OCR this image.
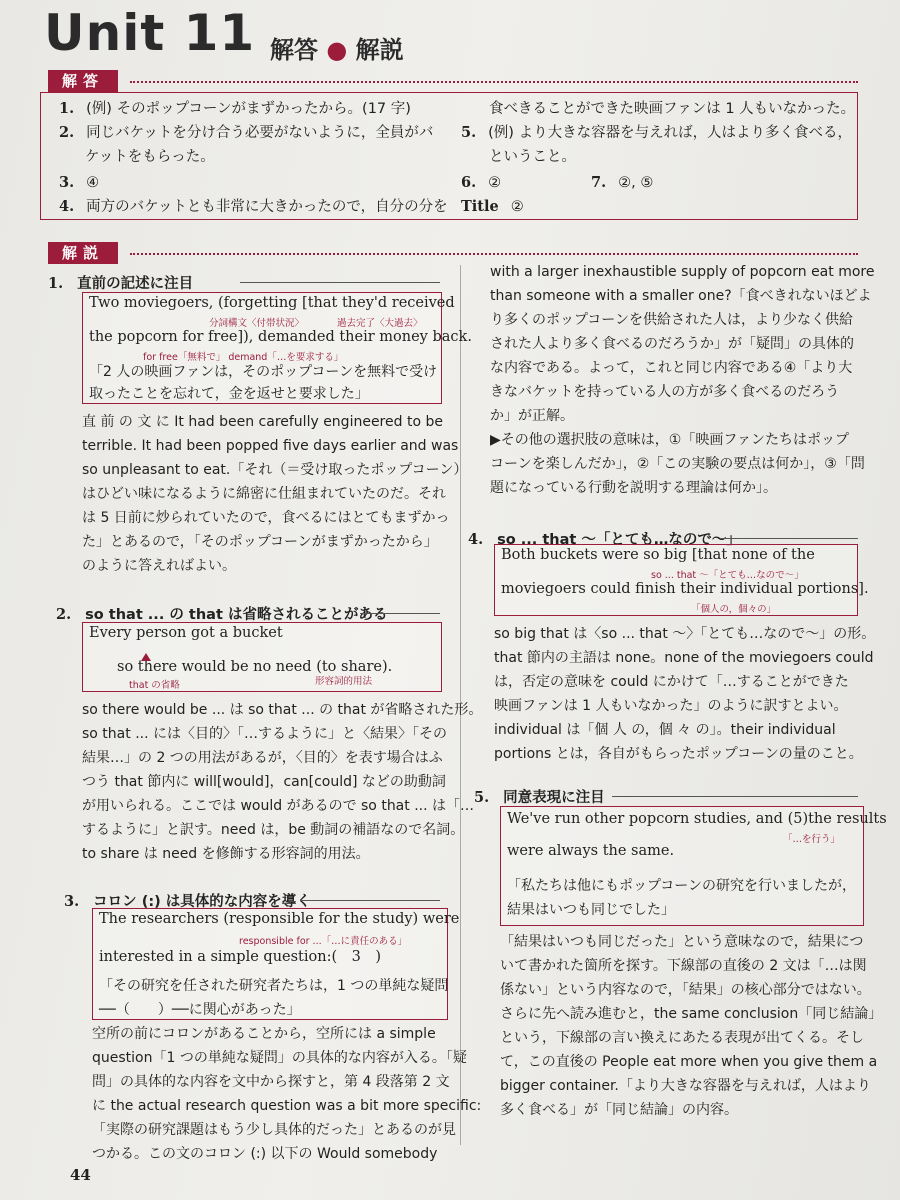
Unit 11 解答 ● 解説
解答
1. (例) そのポップコーンがまずかったから。(17 字)
2. 同じバケットを分け合う必要がないように，全員がバ
ケットをもらった。
3. ④
4. 両方のバケットとも非常に大きかったので，自分の分を
食べきることができた映画ファンは 1 人もいなかった。
5. (例) より大きな容器を与えれば，人はより多く食べる，
ということ。
6. ②	7. ②, ⑤
Title ②
解説
1. 直前の記述に注目
Two moviegoers, (forgetting [that they'd received
分詞構文〈付帯状況〉	過去完了〈大過去〉
the popcorn for free]), demanded their money back.
for free「無料で」 demand「…を要求する」
「2 人の映画ファンは，そのポップコーンを無料で受け
取ったことを忘れて，金を返せと要求した」
直 前 の 文 に It had been carefully engineered to be
terrible. It had been popped five days earlier and was
so unpleasant to eat.「それ（＝受け取ったポップコーン）
はひどい味になるように綿密に仕組まれていたのだ。それ
は 5 日前に炒られていたので，食べるにはとてもまずかっ
た」とあるので，「そのポップコーンがまずかったから」
のように答えればよい。
2. so that ... の that は省略されることがある
Every person got a bucket
so there would be no need (to share).
that の省略	形容詞的用法
so there would be ... は so that ... の that が省略された形。
so that ... には〈目的〉「…するように」と〈結果〉「その
結果…」の 2 つの用法があるが，〈目的〉を表す場合はふ
つう that 節内に will[would]，can[could] などの助動詞
が用いられる。ここでは would があるので so that ... は「…
するように」と訳す。need は，be 動詞の補語なので名詞。
to share は need を修飾する形容詞的用法。
3. コロン (:) は具体的な内容を導く
The researchers (responsible for the study) were
responsible for ...「…に責任のある」
interested in a simple question:(　3　)
「その研究を任された研究者たちは，1 つの単純な疑問
──（　　）──に関心があった」
空所の前にコロンがあることから，空所には a simple
question「1 つの単純な疑問」の具体的な内容が入る。「疑
問」の具体的な内容を文中から探すと，第 4 段落第 2 文
に the actual research question was a bit more specific:
「実際の研究課題はもう少し具体的だった」とあるのが見
つかる。この文のコロン (:) 以下の Would somebody
with a larger inexhaustible supply of popcorn eat more
than someone with a smaller one?「食べきれないほどよ
り多くのポップコーンを供給された人は，より少なく供給
された人より多く食べるのだろうか」が「疑問」の具体的
な内容である。よって，これと同じ内容である④「より大
きなバケットを持っている人の方が多く食べるのだろう
か」が正解。
▶その他の選択肢の意味は，①「映画ファンたちはポップ
コーンを楽しんだか」，②「この実験の要点は何か」，③「問
題になっている行動を説明する理論は何か」。
4. so ... that 〜「とても…なので〜」
Both buckets were so big [that none of the
so ... that 〜「とても…なので〜」
moviegoers could finish their individual portions].
「個人の，個々の」
so big that は〈so ... that 〜〉「とても…なので〜」の形。
that 節内の主語は none。none of the moviegoers could
は，否定の意味を could にかけて「…することができた
映画ファンは 1 人もいなかった」のように訳すとよい。
individual は「個 人 の，個 々 の」。their individual
portions とは，各自がもらったポップコーンの量のこと。
5. 同意表現に注目
We've run other popcorn studies, and (5)the results
「…を行う」
were always the same.
「私たちは他にもポップコーンの研究を行いましたが，
結果はいつも同じでした」
「結果はいつも同じだった」という意味なので，結果につ
いて書かれた箇所を探す。下線部の直後の 2 文は「…は関
係ない」という内容なので，「結果」の核心部分ではない。
さらに先へ読み進むと，the same conclusion「同じ結論」
という，下線部の言い換えにあたる表現が出てくる。そし
て，この直後の People eat more when you give them a
bigger container.「より大きな容器を与えれば，人はより
多く食べる」が「同じ結論」の内容。
44
